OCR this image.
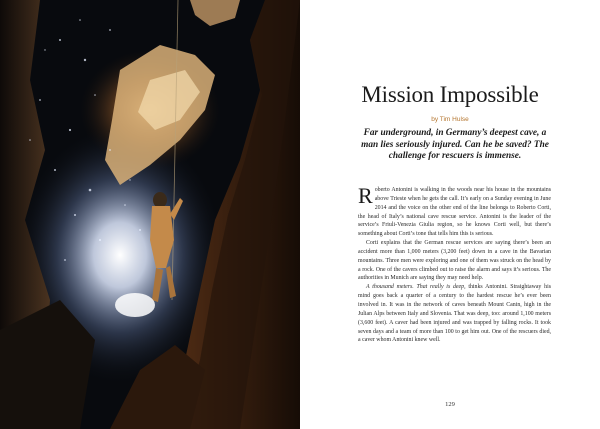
Mission Impossible
by Tim Hulse

Far underground, in Germany’s deepest cave, a man lies seriously injured. Can he be saved? The challenge for rescuers is immense.

Roberto Antonini is walking in the woods near his house in the mountains above Trieste when he gets the call. It’s early on a Sunday evening in June 2014 and the voice on the other end of the line belongs to Roberto Corti, the head of Italy’s national cave rescue service. Antonini is the leader of the service’s Friuli-Venezia Giulia region, so he knows Corti well, but there’s something about Corti’s tone that tells him this is serious.

Corti explains that the German rescue services are saying there’s been an accident more than 1,000 meters (3,200 feet) down in a cave in the Bavarian mountains. Three men were exploring and one of them was struck on the head by a rock. One of the cavers climbed out to raise the alarm and says it’s serious. The authorities in Munich are saying they may need help.

A thousand meters. That really is deep, thinks Antonini. Straightaway his mind goes back a quarter of a century to the hardest rescue he’s ever been involved in. It was in the network of caves beneath Mount Canin, high in the Julian Alps between Italy and Slovenia. That was deep, too: around 1,100 meters (3,600 feet). A caver had been injured and was trapped by falling rocks. It took seven days and a team of more than 100 to get him out. One of the rescuers died, a caver whom Antonini knew well.

129
